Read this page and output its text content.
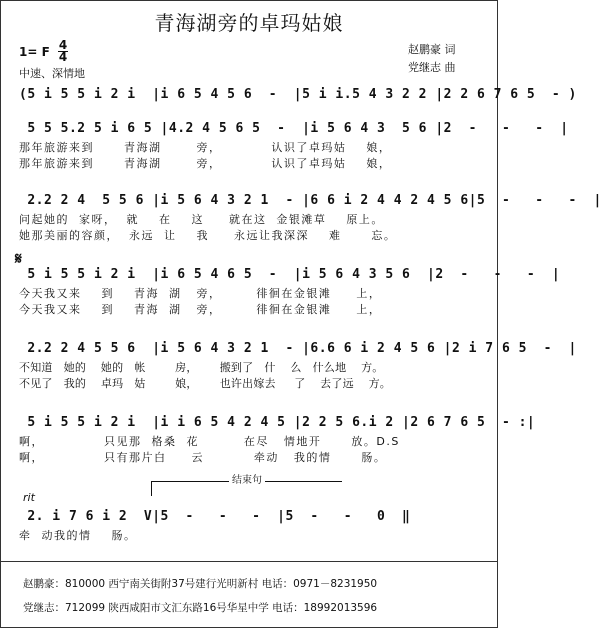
青海湖旁的卓玛姑娘
1= F 4
4
中速、深情地
赵鹏豪 词
党继志 曲
(5 i 5 5 i 2 i  |i 6 5 4 5 6  -  |5 i i.5 4 3 2 2 |2 2 6 7 6 5  - )
5 5 5.2 5 i 6 5 |4.2 4 5 6 5  -  |i 5 6 4 3  5 6 |2  -   -   -  |
那年旅游来到      青海湖       旁，          认识了卓玛姑    娘，
那年旅游来到      青海湖       旁，          认识了卓玛姑    娘，
2.2 2 4  5 5 6 |i 5 6 4 3 2 1  - |6 6 i 2 4 4 2 4 5 6|5  -   -   -  |
问起她的  家呀，  就    在    这     就在这  金银滩草    原上。
她那美丽的容颜，  永远  让    我     永远让我深深    难      忘。
𝄋
5 i 5 5 i 2 i  |i 6 5 4 6 5  -  |i 5 6 4 3 5 6  |2  -   -   -  |
今天我又来    到    青海  湖   旁，       徘徊在金银滩     上，
今天我又来    到    青海  湖   旁，       徘徊在金银滩     上，
2.2 2 4 5 5 6  |i 5 6 4 3 2 1  - |6.6 6 i 2 4 5 6 |2 i 7 6 5  -  |
不知道   她的    她的   帐        房，      搬到了   什    么   什么地    方。
不见了   我的    卓玛   姑        娘，      也许出嫁去     了    去了远    方。
5 i 5 5 i 2 i  |i i 6 5 4 2 4 5 |2 2 5 6.i 2 |2 6 7 6 5  - :|
啊，            只见那  格桑  花         在尽   情地开      放。D.S
啊，            只有那片白     云          牵动   我的情      肠。
rit
结束句
2. i 7 6 i 2  V|5  -   -   -  |5  -   -   0  ‖
牵  动我的情    肠。
赵鹏豪：810000 西宁南关街附37号建行光明新村 电话：0971－8231950
党继志：712099 陕西咸阳市文汇东路16号华星中学 电话：18992013596
